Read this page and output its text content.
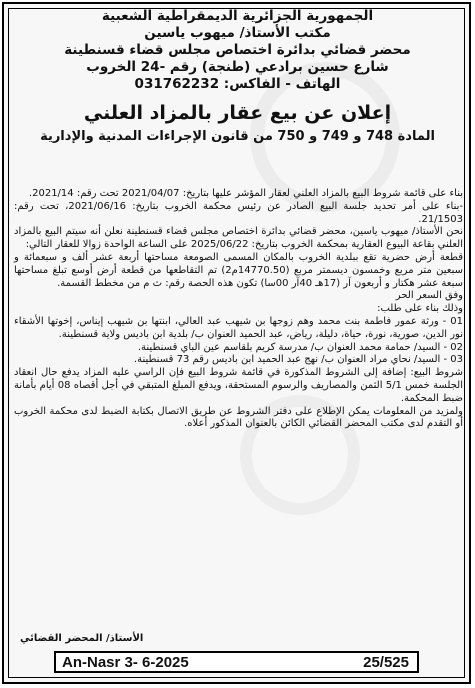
الجمهورية الجزائرية الديمقراطية الشعبية
مكتب الأستاذ/ ميهوب ياسين
محضر قضائي بدائرة اختصاص مجلس قضاء قسنطينة
شارع حسين برادعي (طنجة) رقم -24 الخروب
الهاتف - الفاكس: 031762232
إعلان عن بيع عقار بالمزاد العلني
المادة 748 و 749 و 750 من قانون الإجراءات المدنية والإدارية

بناء على قائمة شروط البيع بالمزاد العلني لعقار المؤشر عليها بتاريخ: 2021/04/07 تحت رقم: 2021/14.

-بناء على أمر تحديد جلسة البيع الصادر عن رئيس محكمة الخروب بتاريخ: 2021/06/16، تحت رقم: 21/1503.

نحن الأستاذ/ ميهوب ياسين، محضر قضائي بدائرة اختصاص مجلس قضاء قسنطينة نعلن أنه سيتم البيع بالمزاد العلني بقاعة البيوع العقارية بمحكمة الخروب بتاريخ: 2025/06/22 على الساعة الواحدة زوالا للعقار التالي:

قطعة أرض حضرية تقع ببلدية الخروب بالمكان المسمى الصومعة مساحتها أربعة عشر ألف و سبعمائة و سبعين متر مربع وخمسون ديسمتر مربع (14770.50م2) تم التقاطعها من قطعة أرض أوسع تبلغ مساحتها سبعة عشر هكتار و أربعون آر (17هـ 40آر 00سا) تكون هذه الحصة رقم: ث م من مخطط القسمة.

وفق السعر الحر

وذلك بناء على طلب:

01 - ورثة عمور فاطمة بنت محمد وهم زوجها بن شيهب عبد العالي، ابنتها بن شيهب إيناس، إخوتها الأشقاء نور الدين، صورية، نورة، حياة، دليلة، رياض، عبد الحميد العنوان ب/ بلدية ابن باديس ولاية قسنطينة.

02 - السيد/ حمامة محمد العنوان ب/ مدرسة كريم بلقاسم عين الباي قسنطينة.

03 - السيد/ نحاي مراد العنوان ب/ نهج عبد الحميد ابن باديس رقم 73 قسنطينة.

شروط البيع: إضافة إلى الشروط المذكورة في قائمة شروط البيع فإن الراسي عليه المزاد يدفع حال انعقاد الجلسة خمس 5/1 الثمن والمصاريف والرسوم المستحقة، ويدفع المبلغ المتبقي في أجل أقصاه 08 أيام بأمانة ضبط المحكمة.

ولمزيد من المعلومات يمكن الإطلاع على دفتر الشروط عن طريق الاتصال بكتابة الضبط لدى محكمة الخروب أو التقدم لدى مكتب المحضر القضائي الكائن بالعنوان المذكور أعلاه.

الأستاذ/ المحضر القضائي
An-Nasr 3- 6-2025	25/525
